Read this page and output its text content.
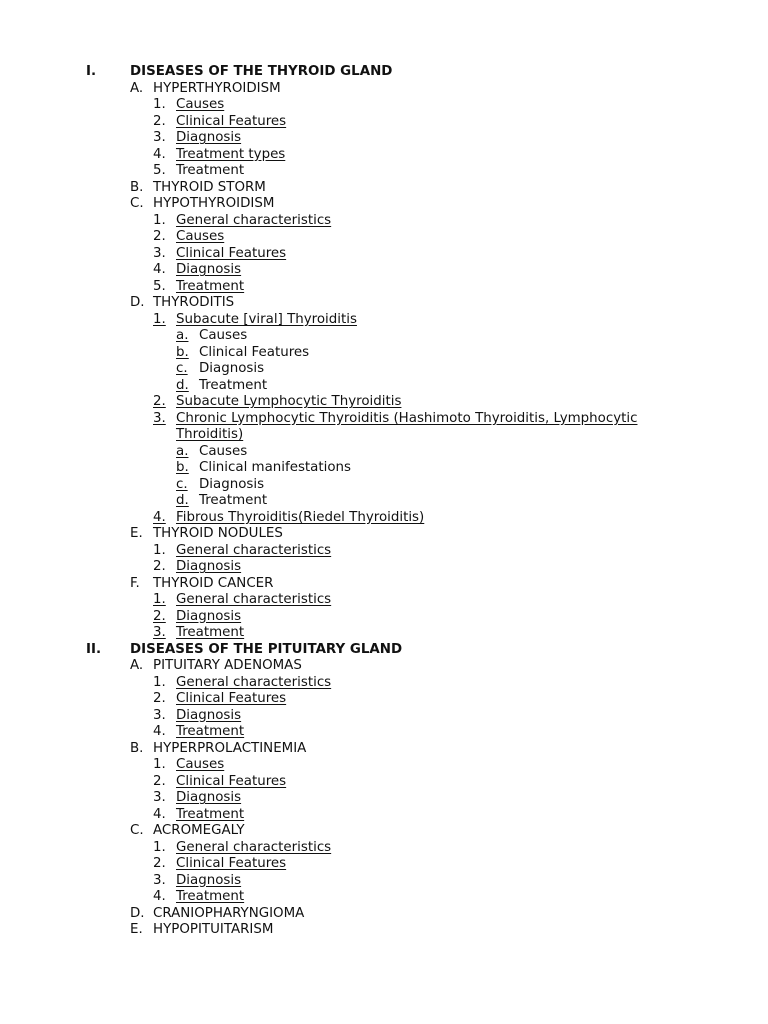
I.	DISEASES OF THE THYROID GLAND
A. HYPERTHYROIDISM
1. Causes
2. Clinical Features
3. Diagnosis
4. Treatment types
5. Treatment
B. THYROID STORM
C. HYPOTHYROIDISM
1. General characteristics
2. Causes
3. Clinical Features
4. Diagnosis
5. Treatment
D. THYRODITIS
1. Subacute [viral] Thyroiditis
a. Causes
b. Clinical Features
c. Diagnosis
d. Treatment
2. Subacute Lymphocytic Thyroiditis
3. Chronic Lymphocytic Thyroiditis (Hashimoto Thyroiditis, Lymphocytic Throiditis)
a. Causes
b. Clinical manifestations
c. Diagnosis
d. Treatment
4. Fibrous Thyroiditis(Riedel Thyroiditis)
E. THYROID NODULES
1. General characteristics
2. Diagnosis
F. THYROID CANCER
1. General characteristics
2. Diagnosis
3. Treatment
II. DISEASES OF THE PITUITARY GLAND
A. PITUITARY ADENOMAS
1. General characteristics
2. Clinical Features
3. Diagnosis
4. Treatment
B. HYPERPROLACTINEMIA
1. Causes
2. Clinical Features
3. Diagnosis
4. Treatment
C. ACROMEGALY
1. General characteristics
2. Clinical Features
3. Diagnosis
4. Treatment
D. CRANIOPHARYNGIOMA
E. HYPOPITUITARISM
